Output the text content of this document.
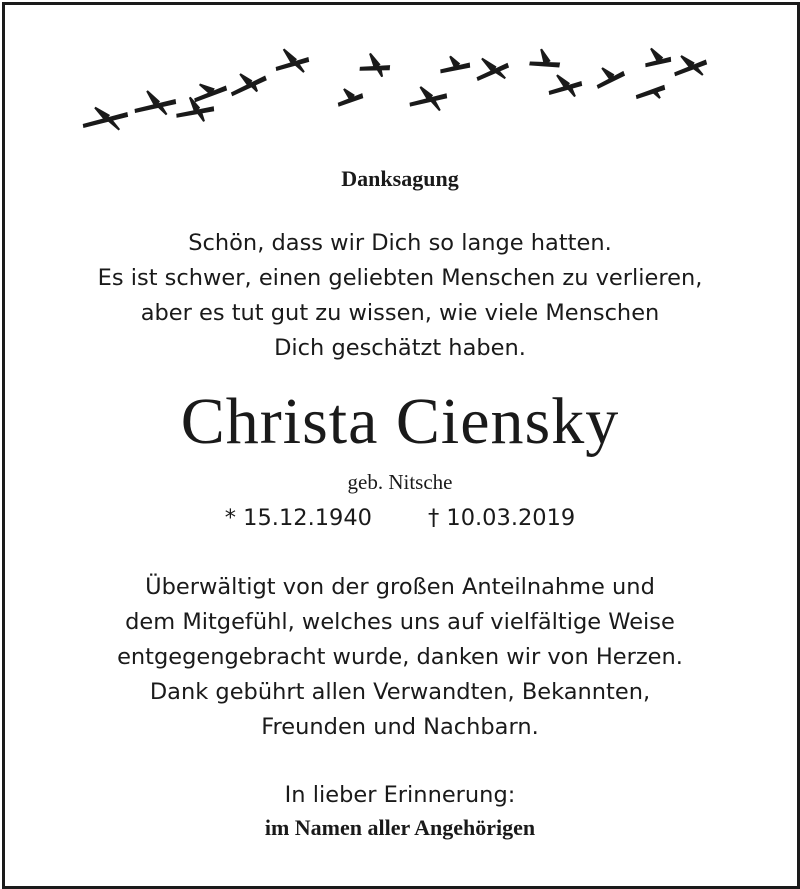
Danksagung
Schön, dass wir Dich so lange hatten.
Es ist schwer, einen geliebten Menschen zu verlieren,
aber es tut gut zu wissen, wie viele Menschen
Dich geschätzt haben.
Christa Ciensky
geb. Nitsche
* 15.12.1940 † 10.03.2019
Überwältigt von der großen Anteilnahme und
dem Mitgefühl, welches uns auf vielfältige Weise
entgegengebracht wurde, danken wir von Herzen.
Dank gebührt allen Verwandten, Bekannten,
Freunden und Nachbarn.
In lieber Erinnerung:
im Namen aller Angehörigen
